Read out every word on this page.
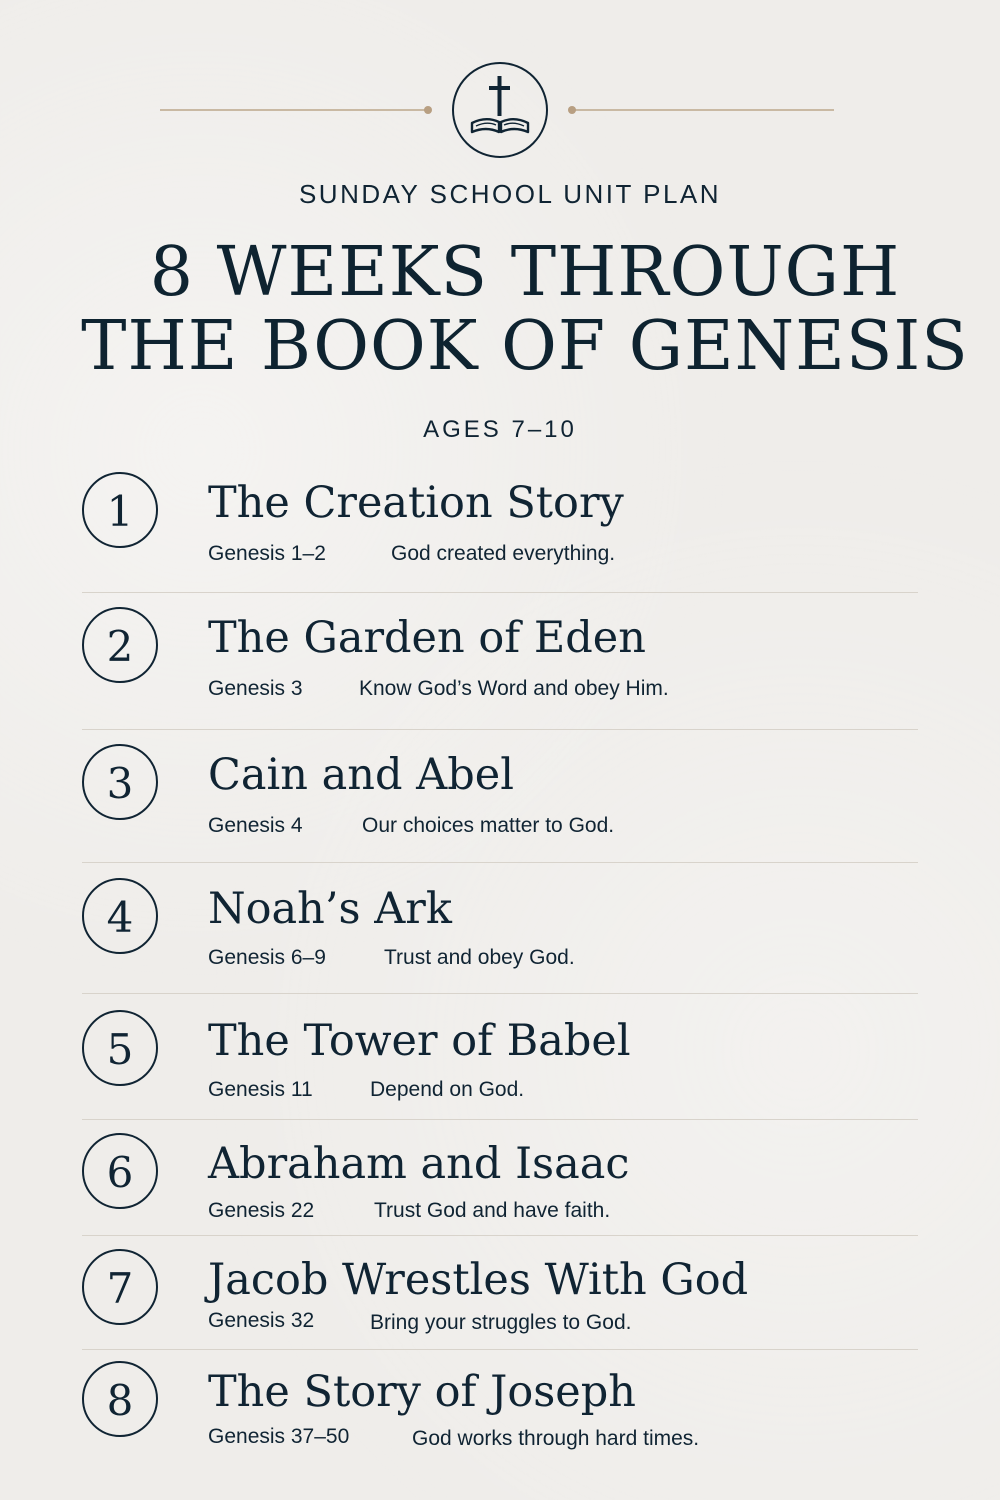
SUNDAY SCHOOL UNIT PLAN
8 WEEKS THROUGH
THE BOOK OF GENESIS
AGES 7–10
1	The Creation Story
Genesis 1–2	God created everything.
2	The Garden of Eden
Genesis 3	Know God’s Word and obey Him.
3	Cain and Abel
Genesis 4	Our choices matter to God.
4	Noah’s Ark
Genesis 6–9	Trust and obey God.
5	The Tower of Babel
Genesis 11	Depend on God.
6	Abraham and Isaac
Genesis 22	Trust God and have faith.
7	Jacob Wrestles With God
Genesis 32	Bring your struggles to God.
8	The Story of Joseph
Genesis 37–50	God works through hard times.
